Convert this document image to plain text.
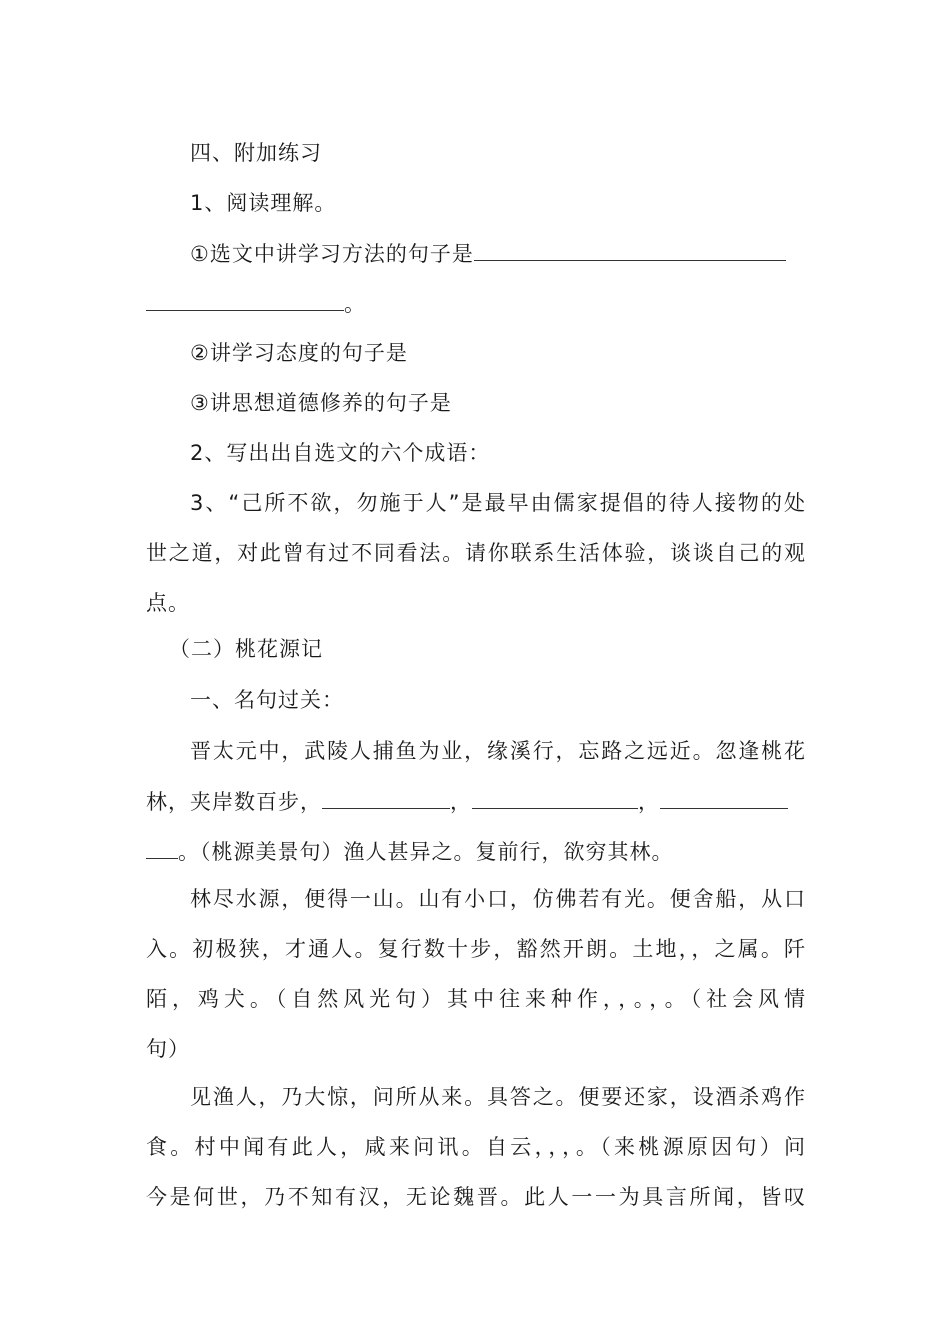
四、附加练习
1、阅读理解。
①选文中讲学习方法的句子是
。
②讲学习态度的句子是
③讲思想道德修养的句子是
2、写出出自选文的六个成语：
3、“己所不欲，勿施于人”是最早由儒家提倡的待人接物的处
世之道，对此曾有过不同看法。请你联系生活体验，谈谈自己的观
点。
（二）桃花源记
一、名句过关：
晋太元中，武陵人捕鱼为业，缘溪行，忘路之远近。忽逢桃花
林，夹岸数百步，	，	，
。（桃源美景句）渔人甚异之。复前行，欲穷其林。
林尽水源，便得一山。山有小口，仿佛若有光。便舍船，从口
入。初极狭，才通人。复行数十步，豁然开朗。土地，，之属。阡
陌，鸡犬。（自然风光句）其中往来种作，，。，。（社会风情
句）
见渔人，乃大惊，问所从来。具答之。便要还家，设酒杀鸡作
食。村中闻有此人，咸来问讯。自云，，，。（来桃源原因句）问
今是何世，乃不知有汉，无论魏晋。此人一一为具言所闻，皆叹
